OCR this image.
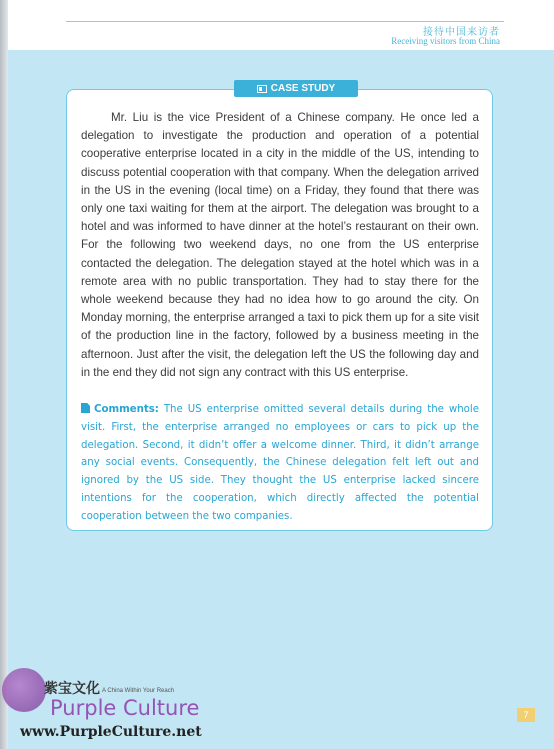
接待中国来访者
Receiving visitors from China

Mr. Liu is the vice President of a Chinese company. He once led a delegation to investigate the production and operation of a potential cooperative enterprise located in a city in the middle of the US, intending to discuss potential cooperation with that company. When the delegation arrived in the US in the evening (local time) on a Friday, they found that there was only one taxi waiting for them at the airport. The delegation was brought to a hotel and was informed to have dinner at the hotel’s restaurant on their own. For the following two weekend days, no one from the US enterprise contacted the delegation. The delegation stayed at the hotel which was in a remote area with no public transportation. They had to stay there for the whole weekend because they had no idea how to go around the city. On Monday morning, the enterprise arranged a taxi to pick them up for a site visit of the production line in the factory, followed by a business meeting in the afternoon. Just after the visit, the delegation left the US the following day and in the end they did not sign any contract with this US enterprise.

Comments: The US enterprise omitted several details during the whole visit. First, the enterprise arranged no employees or cars to pick up the delegation. Second, it didn’t offer a welcome dinner. Third, it didn’t arrange any social events. Consequently, the Chinese delegation felt left out and ignored by the US side. They thought the US enterprise lacked sincere intentions for the cooperation, which directly affected the potential cooperation between the two companies.

CASE STUDY
7
紫宝文化 A China Within Your Reach
Purple Culture
www.PurpleCulture.net
